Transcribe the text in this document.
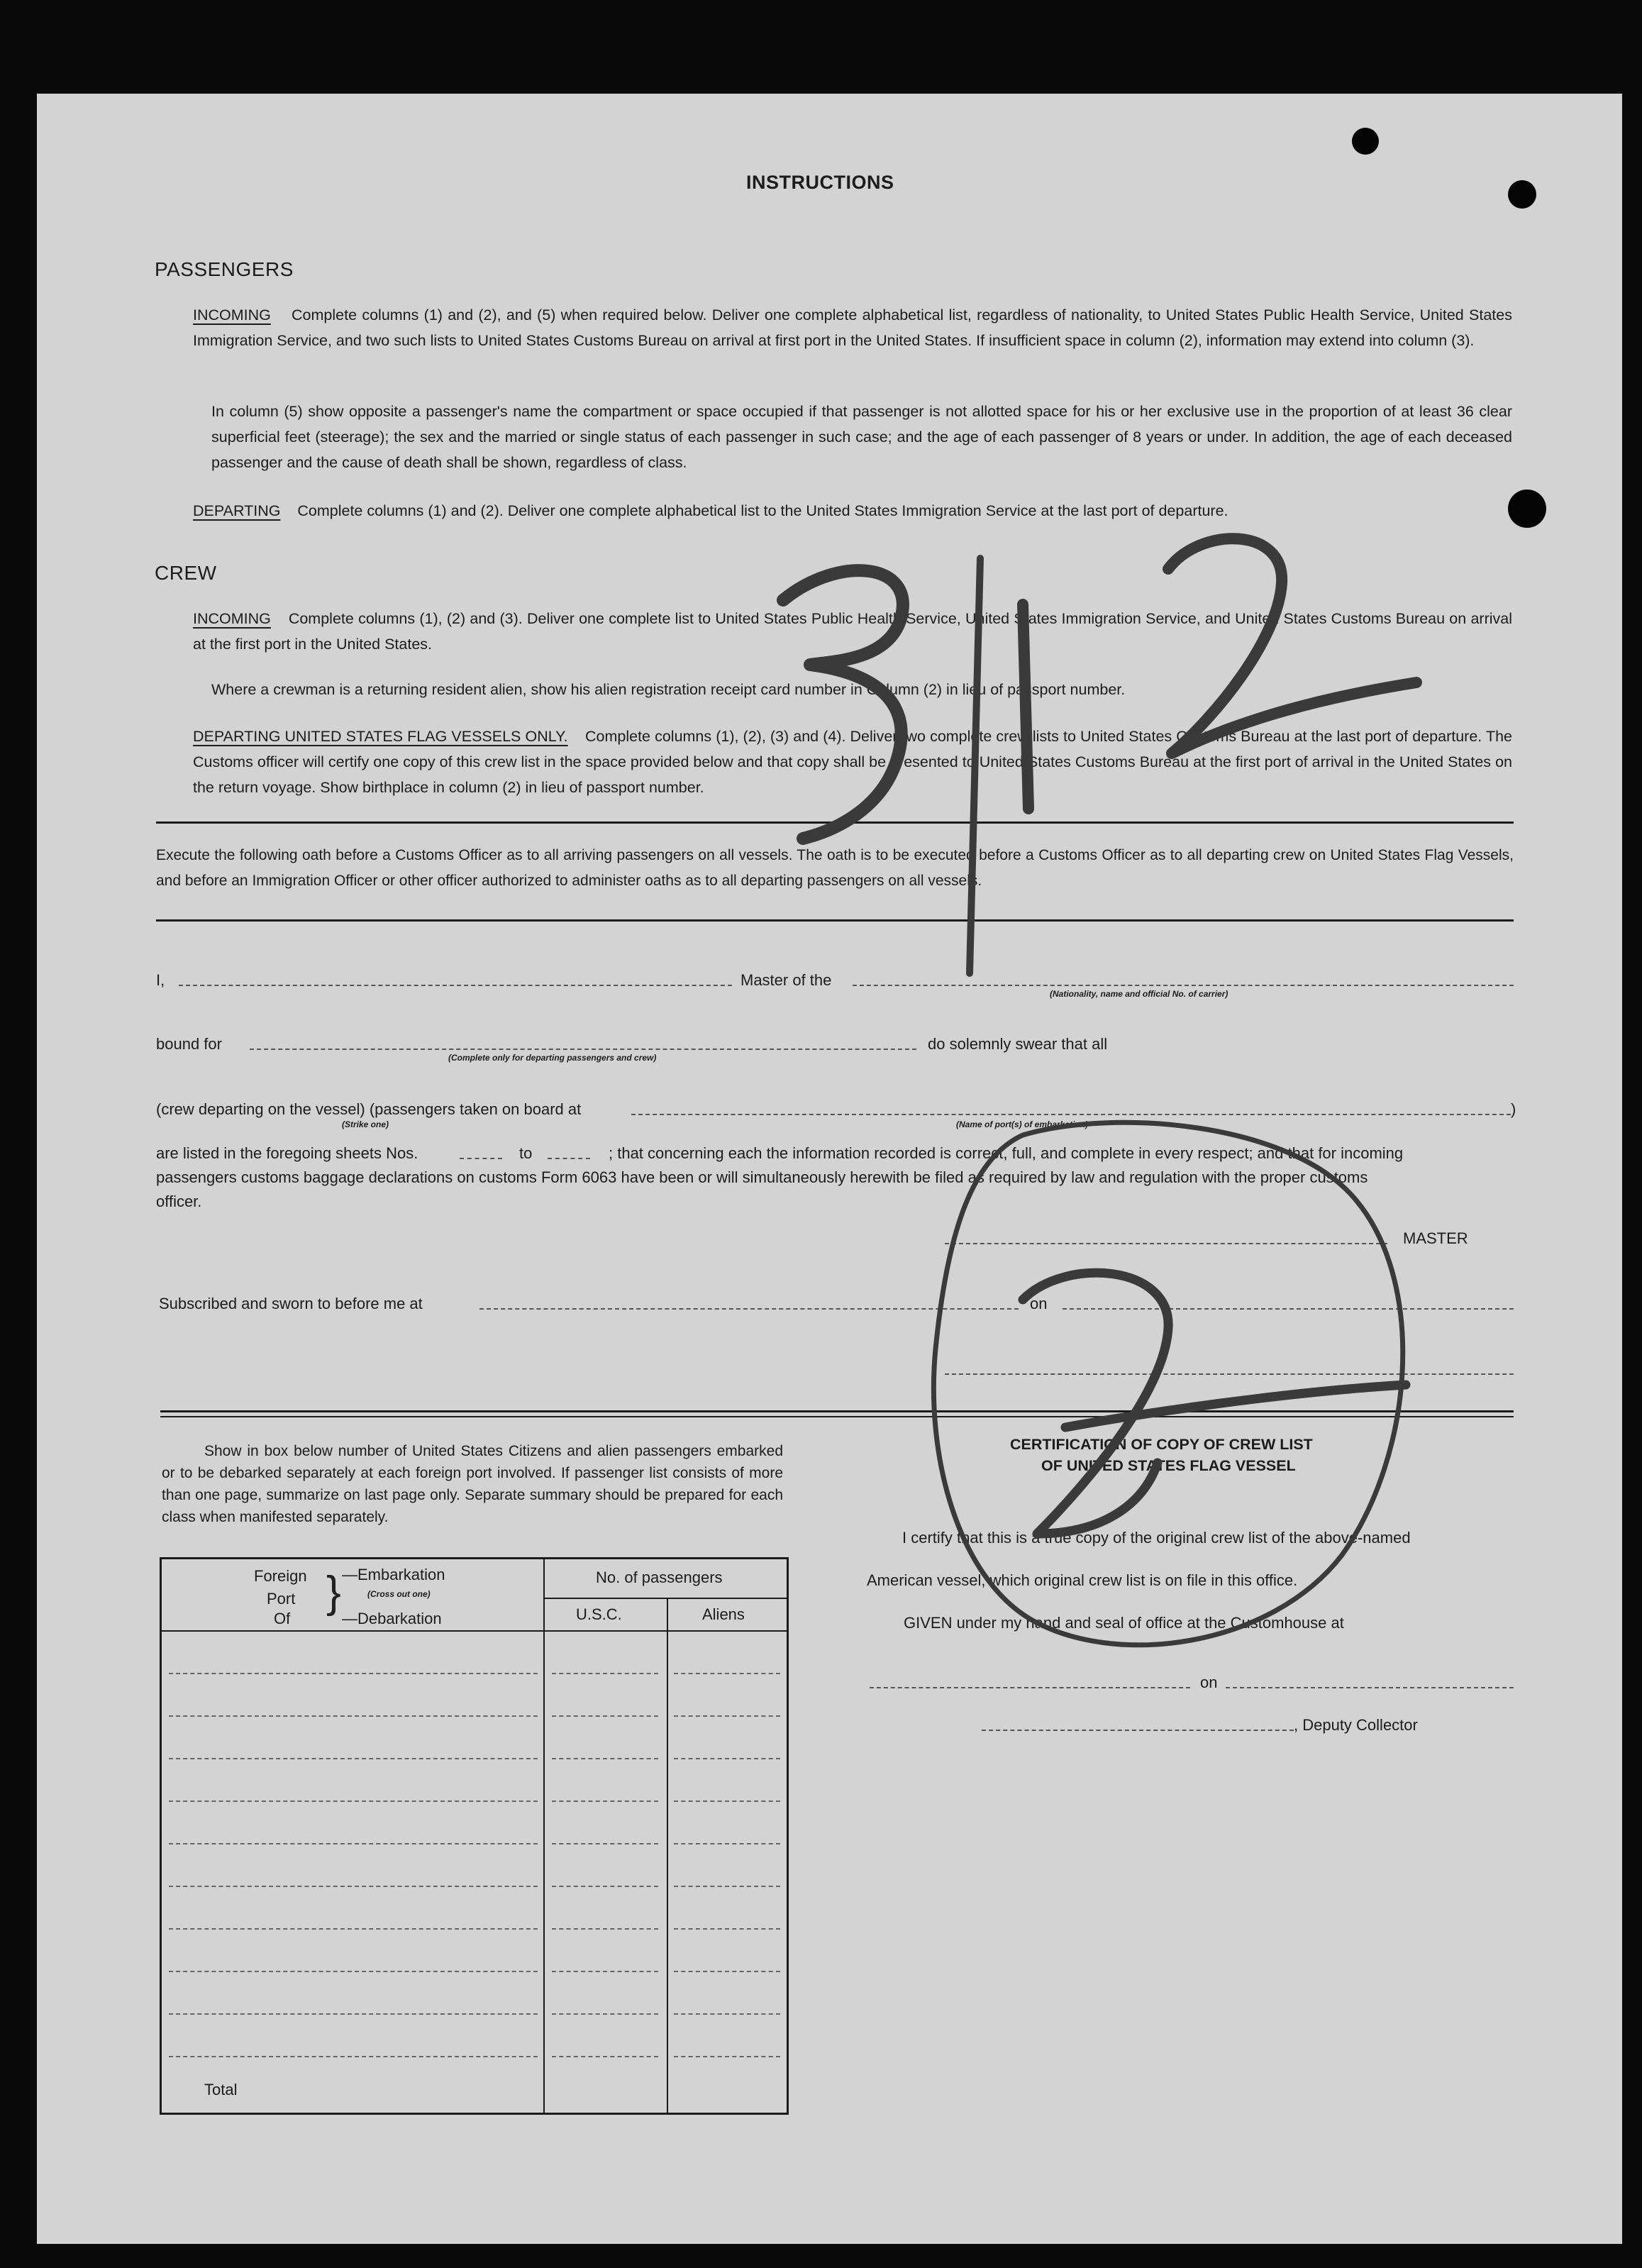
INSTRUCTIONS
PASSENGERS
INCOMING Complete columns (1) and (2), and (5) when required below. Deliver one complete alphabetical list, regardless of nationality, to United States Public Health Service, United States Immigration Service, and two such lists to United States Customs Bureau on arrival at first port in the United States. If insufficient space in column (2), information may extend into column (3).
In column (5) show opposite a passenger's name the compartment or space occupied if that passenger is not allotted space for his or her exclusive use in the proportion of at least 36 clear superficial feet (steerage); the sex and the married or single status of each passenger in such case; and the age of each passenger of 8 years or under. In addition, the age of each deceased passenger and the cause of death shall be shown, regardless of class.
DEPARTING Complete columns (1) and (2). Deliver one complete alphabetical list to the United States Immigration Service at the last port of departure.
CREW
INCOMING Complete columns (1), (2) and (3). Deliver one complete list to United States Public Health Service, United States Immigration Service, and United States Customs Bureau on arrival at the first port in the United States.
Where a crewman is a returning resident alien, show his alien registration receipt card number in Column (2) in lieu of passport number.
DEPARTING UNITED STATES FLAG VESSELS ONLY. Complete columns (1), (2), (3) and (4). Deliver two complete crew lists to United States Customs Bureau at the last port of departure. The Customs officer will certify one copy of this crew list in the space provided below and that copy shall be presented to United States Customs Bureau at the first port of arrival in the United States on the return voyage. Show birthplace in column (2) in lieu of passport number.
Execute the following oath before a Customs Officer as to all arriving passengers on all vessels. The oath is to be executed before a Customs Officer as to all departing crew on United States Flag Vessels, and before an Immigration Officer or other officer authorized to administer oaths as to all departing passengers on all vessels.
I,	Master of the
(Nationality, name and official No. of carrier)
bound for
(Complete only for departing passengers and crew)
do solemnly swear that all
(crew departing on the vessel) (passengers taken on board at	)
(Strike one)	(Name of port(s) of embarkation)
are listed in the foregoing sheets Nos.	to	; that concerning each the information recorded is correct, full, and complete in every respect; and that for incoming
passengers customs baggage declarations on customs Form 6063 have been or will simultaneously herewith be filed as required by law and regulation with the proper customs
officer.
MASTER
Subscribed and sworn to before me at	on
Show in box below number of United States Citizens and alien passengers embarked or to be debarked separately at each foreign port involved. If passenger list consists of more than one page, summarize on last page only. Separate summary should be prepared for each class when manifested separately.
Foreign
Port
Of
} —Embarkation
(Cross out one)
—Debarkation
No. of passengers
U.S.C.	Aliens
Total
CERTIFICATION OF COPY OF CREW LIST
OF UNITED STATES FLAG VESSEL
I certify that this is a true copy of the original crew list of the above-named
American vessel, which original crew list is on file in this office.
GIVEN under my hand and seal of office at the Customhouse at
on
, Deputy Collector
